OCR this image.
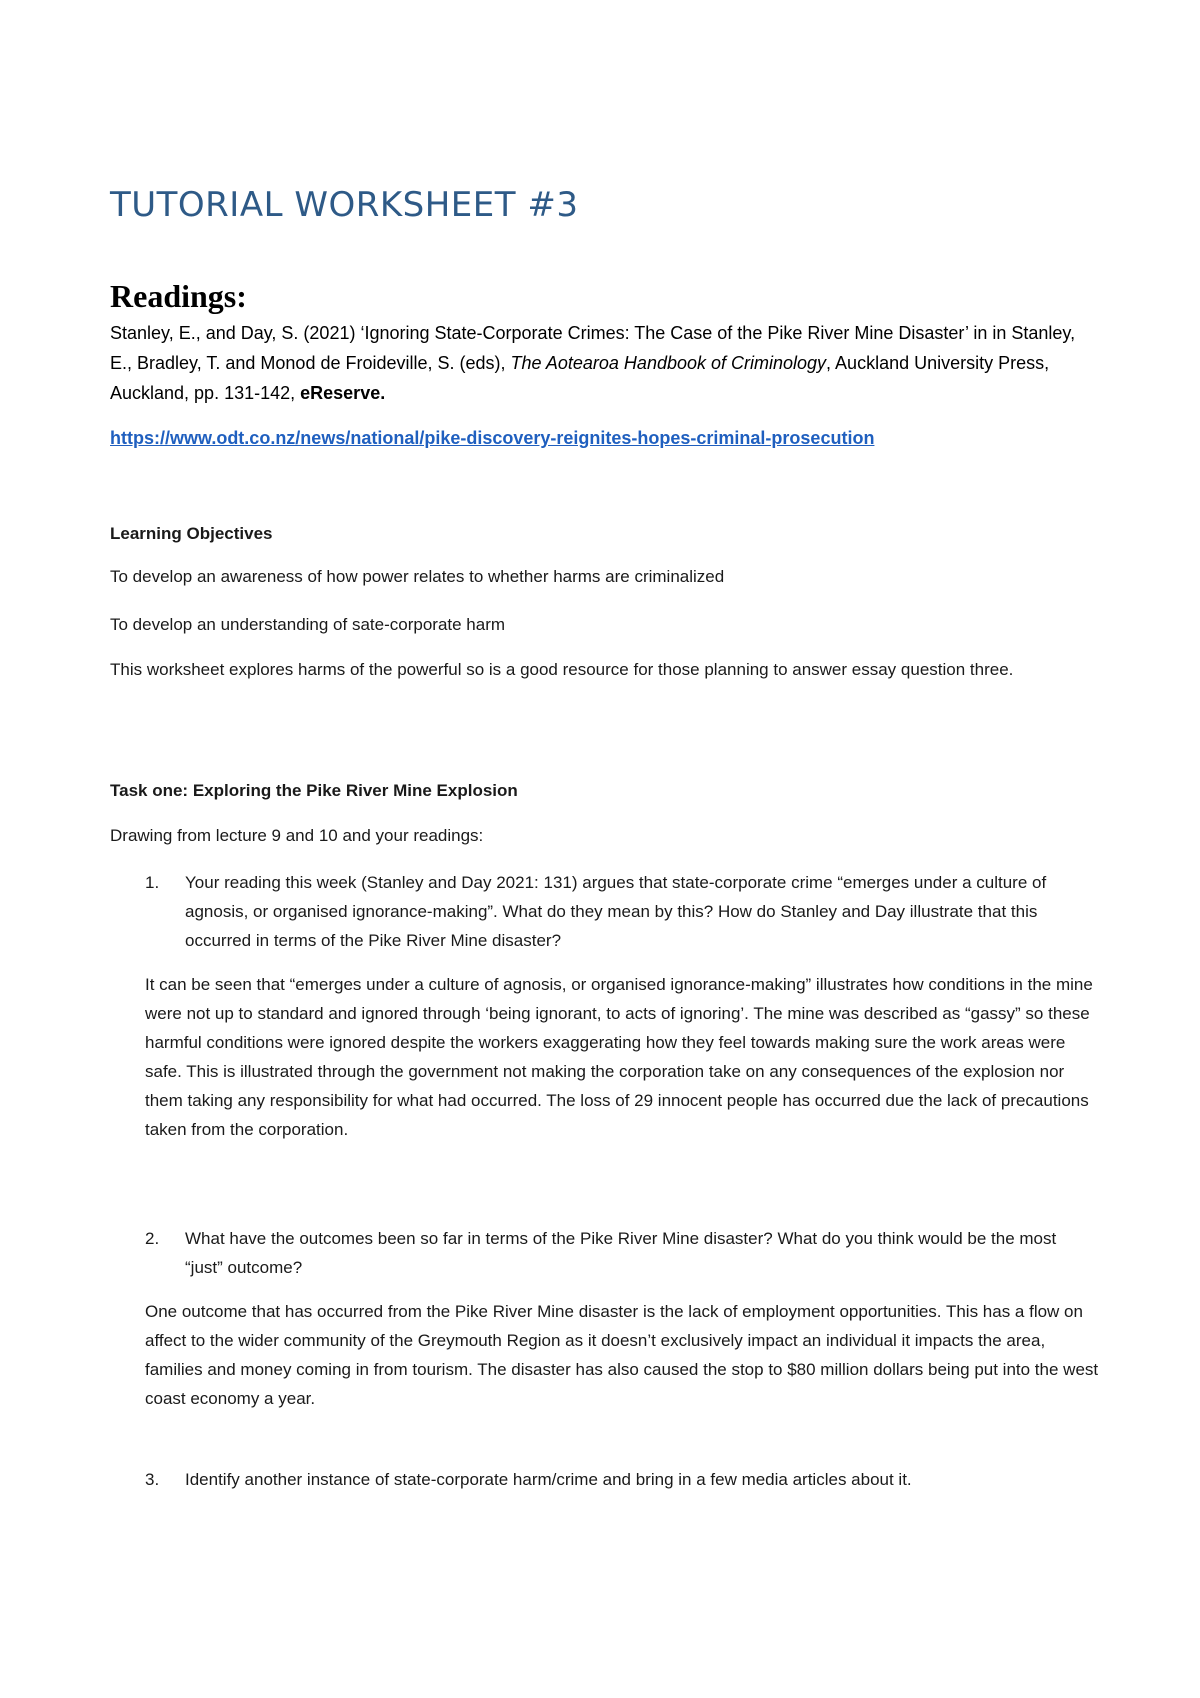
TUTORIAL WORKSHEET #3
Readings:

Stanley, E., and Day, S. (2021) ‘Ignoring State-Corporate Crimes: The Case of the Pike River Mine Disaster’ in in Stanley, E., Bradley, T. and Monod de Froideville, S. (eds), The Aotearoa Handbook of Criminology, Auckland University Press, Auckland, pp. 131-142, eReserve.

https://www.odt.co.nz/news/national/pike-discovery-reignites-hopes-criminal-prosecution

Learning Objectives

To develop an awareness of how power relates to whether harms are criminalized

To develop an understanding of sate-corporate harm

This worksheet explores harms of the powerful so is a good resource for those planning to answer essay question three.

Task one: Exploring the Pike River Mine Explosion

Drawing from lecture 9 and 10 and your readings:

1.	Your reading this week (Stanley and Day 2021: 131) argues that state-corporate crime “emerges under a culture of agnosis, or organised ignorance-making”. What do they mean by this? How do Stanley and Day illustrate that this occurred in terms of the Pike River Mine disaster?

It can be seen that “emerges under a culture of agnosis, or organised ignorance-making” illustrates how conditions in the mine were not up to standard and ignored through ‘being ignorant, to acts of ignoring’. The mine was described as “gassy” so these harmful conditions were ignored despite the workers exaggerating how they feel towards making sure the work areas were safe. This is illustrated through the government not making the corporation take on any consequences of the explosion nor them taking any responsibility for what had occurred. The loss of 29 innocent people has occurred due the lack of precautions taken from the corporation.

2.	What have the outcomes been so far in terms of the Pike River Mine disaster? What do you think would be the most “just” outcome?

One outcome that has occurred from the Pike River Mine disaster is the lack of employment opportunities. This has a flow on affect to the wider community of the Greymouth Region as it doesn’t exclusively impact an individual it impacts the area, families and money coming in from tourism. The disaster has also caused the stop to $80 million dollars being put into the west coast economy a year.

3.	Identify another instance of state-corporate harm/crime and bring in a few media articles about it.
